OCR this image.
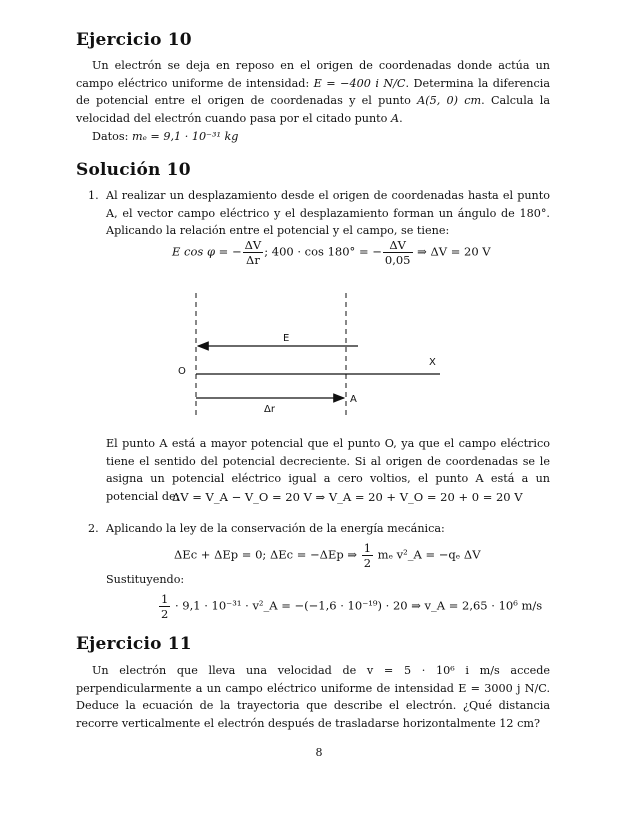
Ejercicio 10

Un electrón se deja en reposo en el origen de coordenadas donde actúa un campo eléctrico uniforme de intensidad: E = −400 i N/C. Determina la diferencia de potencial entre el origen de coordenadas y el punto A(5, 0) cm. Calcula la velocidad del electrón cuando pasa por el citado punto A.

Datos: mₑ = 9,1 · 10⁻³¹ kg

Solución 10
1. Al realizar un desplazamiento desde el origen de coordenadas hasta el punto A, el vector campo eléctrico y el desplazamiento forman un ángulo de 180°. Aplicando la relación entre el potencial y el campo, se tiene:

E cos φ = − $\frac{\Delta V}{\Delta r}$ ; 400 · cos 180° = − $\frac{\Delta V}{0,05}$ ⇒ ΔV = 20 V
E
X
O
A
Δr

El punto A está a mayor potencial que el punto O, ya que el campo eléctrico tiene el sentido del potencial decreciente. Si al origen de coordenadas se le asigna un potencial eléctrico igual a cero voltios, el punto A está a un potencial de:

ΔV = V_A − V_O = 20 V ⇒ V_A = 20 + V_O = 20 + 0 = 20 V
2. Aplicando la ley de la conservación de la energía mecánica:

ΔEc + ΔEp = 0; ΔEc = −ΔEp ⇒ $\frac{1}{2}$ mₑ v²_A = −qₑ ΔV

Sustituyendo:

$\frac{1}{2} \cdot 9,1 \cdot 10^{-31}$ · v²_A = −(−1,6 · 10⁻¹⁹) · 20 ⇒ v_A = 2,65 · 10⁶ m/s
Ejercicio 11

Un electrón que lleva una velocidad de v = 5 · 10⁶ i m/s accede perpendicularmente a un campo eléctrico uniforme de intensidad E = 3000 j N/C. Deduce la ecuación de la trayectoria que describe el electrón. ¿Qué distancia recorre verticalmente el electrón después de trasladarse horizontalmente 12 cm?

8
